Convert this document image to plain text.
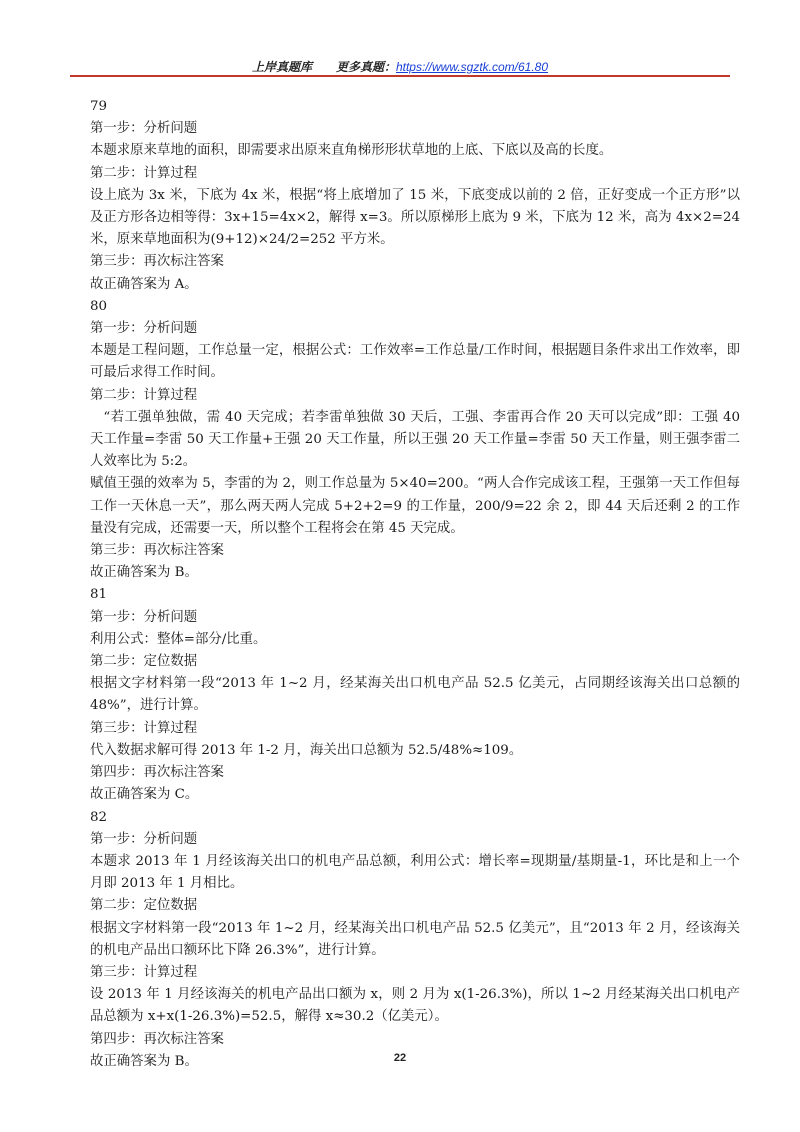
上岸真题库　　更多真题：https://www.sgztk.com/61.80

79

第一步：分析问题

本题求原来草地的面积，即需要求出原来直角梯形形状草地的上底、下底以及高的长度。

第二步：计算过程

设上底为 3x 米，下底为 4x 米，根据“将上底增加了 15 米，下底变成以前的 2 倍，正好变成一个正方形”以及正方形各边相等得：3x+15=4x×2，解得 x=3。所以原梯形上底为 9 米，下底为 12 米，高为 4x×2=24 米，原来草地面积为(9+12)×24/2=252 平方米。

第三步：再次标注答案

故正确答案为 A。

80

第一步：分析问题

本题是工程问题，工作总量一定，根据公式：工作效率=工作总量/工作时间，根据题目条件求出工作效率，即可最后求得工作时间。

第二步：计算过程

“若工强单独做，需 40 天完成；若李雷单独做 30 天后，工强、李雷再合作 20 天可以完成”即：工强 40 天工作量=李雷 50 天工作量+王强 20 天工作量，所以王强 20 天工作量=李雷 50 天工作量，则王强李雷二人效率比为 5:2。

赋值王强的效率为 5，李雷的为 2，则工作总量为 5×40=200。“两人合作完成该工程，王强第一天工作但每工作一天休息一天”，那么两天两人完成 5+2+2=9 的工作量，200/9=22 余 2，即 44 天后还剩 2 的工作量没有完成，还需要一天，所以整个工程将会在第 45 天完成。

第三步：再次标注答案

故正确答案为 B。

81

第一步：分析问题

利用公式：整体=部分/比重。

第二步：定位数据

根据文字材料第一段“2013 年 1~2 月，经某海关出口机电产品 52.5 亿美元，占同期经该海关出口总额的 48%”，进行计算。

第三步：计算过程

代入数据求解可得 2013 年 1-2 月，海关出口总额为 52.5/48%≈109。

第四步：再次标注答案

故正确答案为 C。

82

第一步：分析问题

本题求 2013 年 1 月经该海关出口的机电产品总额，利用公式：增长率=现期量/基期量-1，环比是和上一个月即 2013 年 1 月相比。

第二步：定位数据

根据文字材料第一段“2013 年 1~2 月，经某海关出口机电产品 52.5 亿美元”，且“2013 年 2 月，经该海关的机电产品出口额环比下降 26.3%”，进行计算。

第三步：计算过程

设 2013 年 1 月经该海关的机电产品出口额为 x，则 2 月为 x(1-26.3%)，所以 1~2 月经某海关出口机电产品总额为 x+x(1-26.3%)=52.5，解得 x≈30.2（亿美元）。

第四步：再次标注答案

故正确答案为 B。	22
